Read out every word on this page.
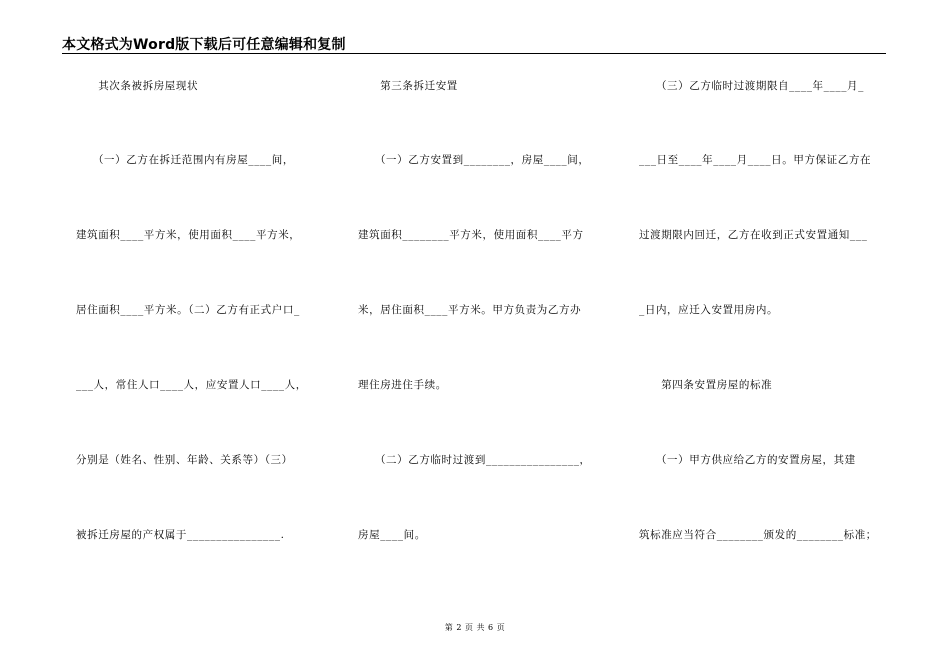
本文格式为Word版下载后可任意编辑和复制
　　其次条被拆房屋现状
　　（一）乙方在拆迁范围内有房屋____间，
建筑面积____平方米，使用面积____平方米，
居住面积____平方米。（二）乙方有正式户口_
___人，常住人口____人，应安置人口____人，
分别是（姓名、性别、年龄、关系等）（三）
被拆迁房屋的产权属于________________.
　　第三条拆迁安置
　　（一）乙方安置到________，房屋____间，
建筑面积________平方米，使用面积____平方
米，居住面积____平方米。甲方负责为乙方办
理住房进住手续。
　　（二）乙方临时过渡到________________，
房屋____间。
　　（三）乙方临时过渡期限自____年____月_
___日至____年____月____日。甲方保证乙方在
过渡期限内回迁，乙方在收到正式安置通知___
_日内，应迁入安置用房内。
　　第四条安置房屋的标准
　　（一）甲方供应给乙方的安置房屋，其建
筑标准应当符合________颁发的________标准；
第 2 页 共 6 页
